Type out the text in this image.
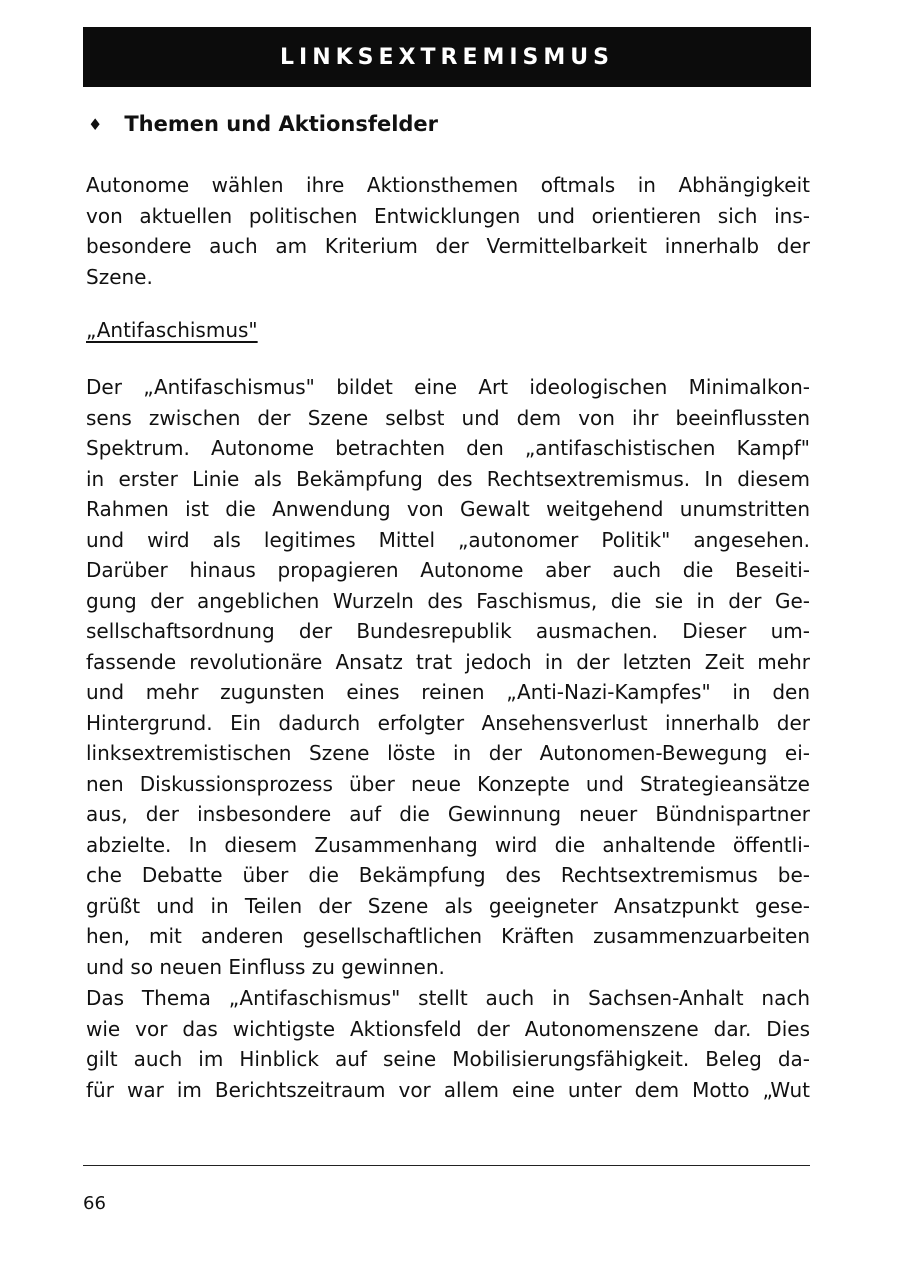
LINKSEXTREMISMUS
♦ Themen und Aktionsfelder
Autonome wählen ihre Aktionsthemen oftmals in Abhängigkeit
von aktuellen politischen Entwicklungen und orientieren sich ins-
besondere auch am Kriterium der Vermittelbarkeit innerhalb der
Szene.
„Antifaschismus"
Der „Antifaschismus" bildet eine Art ideologischen Minimalkon-
sens zwischen der Szene selbst und dem von ihr beeinflussten
Spektrum. Autonome betrachten den „antifaschistischen Kampf"
in erster Linie als Bekämpfung des Rechtsextremismus. In diesem
Rahmen ist die Anwendung von Gewalt weitgehend unumstritten
und wird als legitimes Mittel „autonomer Politik" angesehen.
Darüber hinaus propagieren Autonome aber auch die Beseiti-
gung der angeblichen Wurzeln des Faschismus, die sie in der Ge-
sellschaftsordnung der Bundesrepublik ausmachen. Dieser um-
fassende revolutionäre Ansatz trat jedoch in der letzten Zeit mehr
und mehr zugunsten eines reinen „Anti-Nazi-Kampfes" in den
Hintergrund. Ein dadurch erfolgter Ansehensverlust innerhalb der
linksextremistischen Szene löste in der Autonomen-Bewegung ei-
nen Diskussionsprozess über neue Konzepte und Strategieansätze
aus, der insbesondere auf die Gewinnung neuer Bündnispartner
abzielte. In diesem Zusammenhang wird die anhaltende öffentli-
che Debatte über die Bekämpfung des Rechtsextremismus be-
grüßt und in Teilen der Szene als geeigneter Ansatzpunkt gese-
hen, mit anderen gesellschaftlichen Kräften zusammenzuarbeiten
und so neuen Einfluss zu gewinnen.
Das Thema „Antifaschismus" stellt auch in Sachsen-Anhalt nach
wie vor das wichtigste Aktionsfeld der Autonomenszene dar. Dies
gilt auch im Hinblick auf seine Mobilisierungsfähigkeit. Beleg da-
für war im Berichtszeitraum vor allem eine unter dem Motto „Wut
66
